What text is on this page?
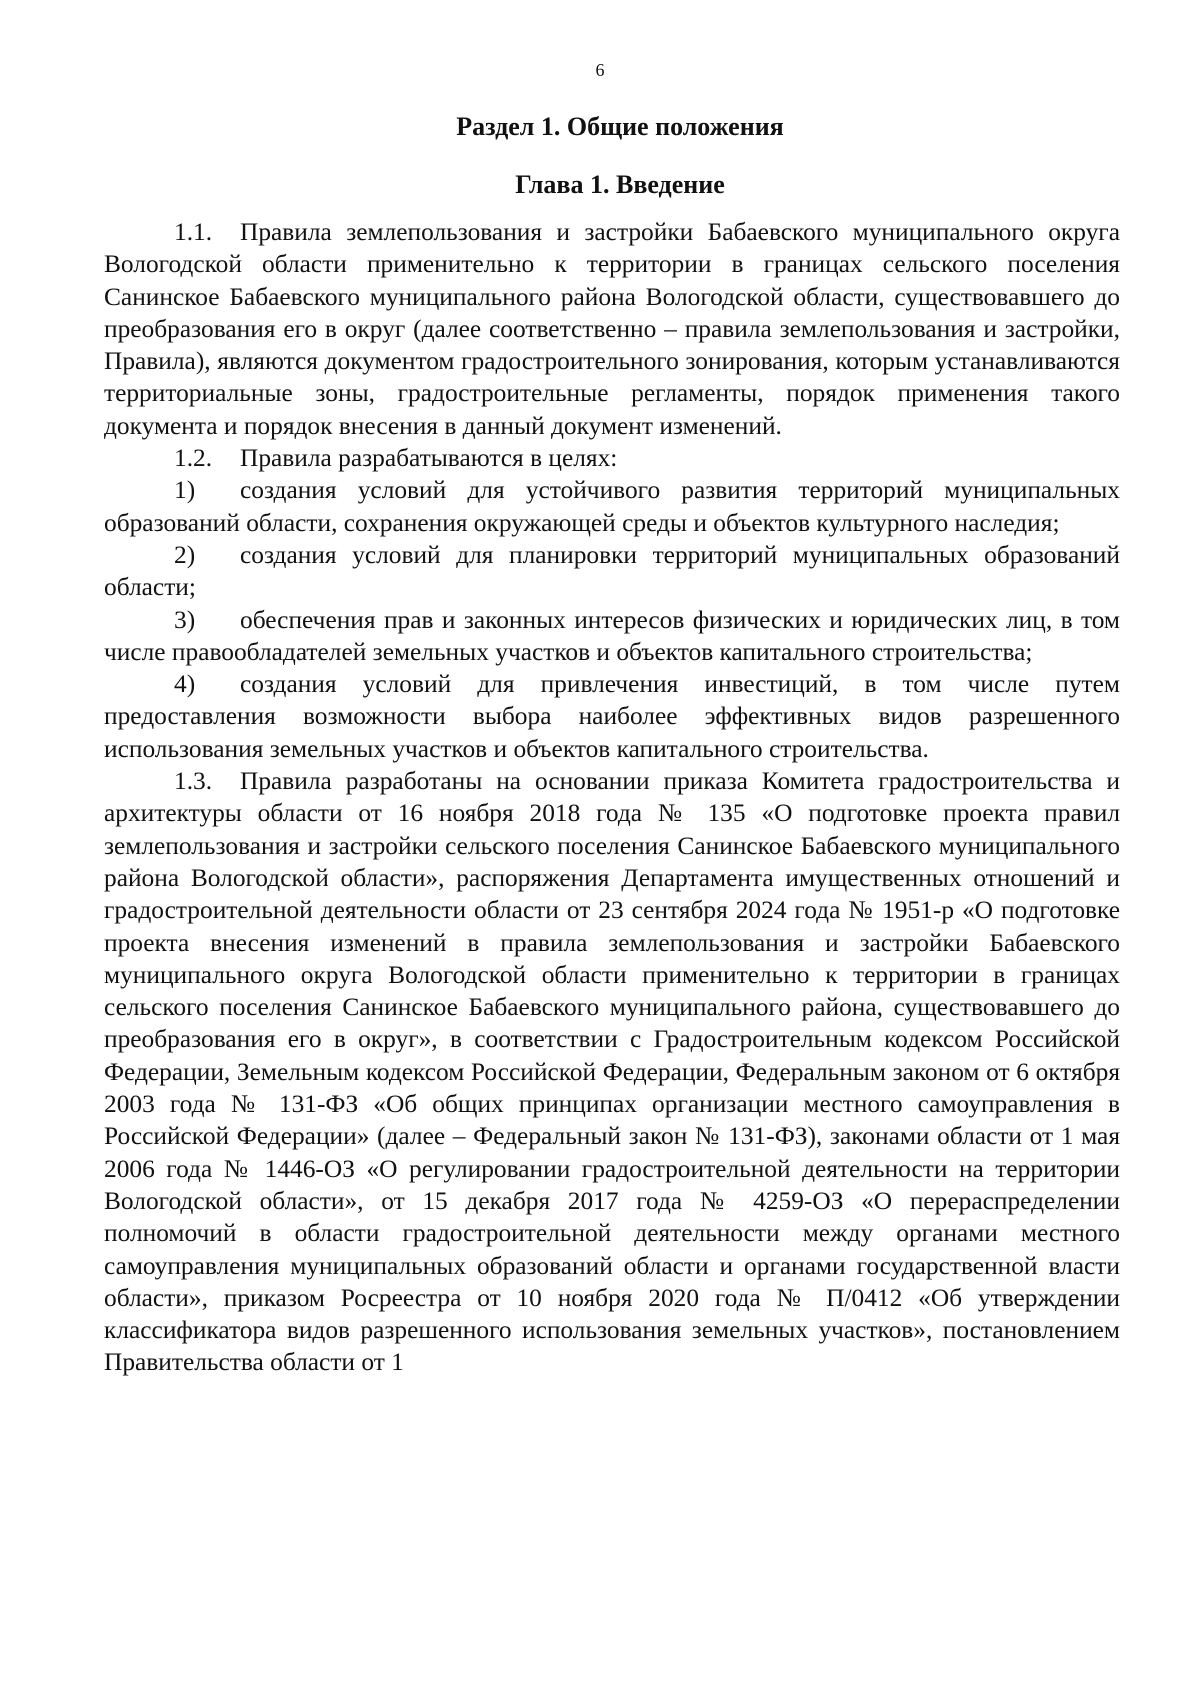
6
Раздел 1. Общие положения
Глава 1. Введение

1.1. Правила землепользования и застройки Бабаевского муниципального округа Вологодской области применительно к территории в границах сельского поселения Санинское Бабаевского муниципального района Вологодской области, существовавшего до преобразования его в округ (далее соответственно – правила землепользования и застройки, Правила), являются документом градостроительного зонирования, которым устанавливаются территориальные зоны, градостроительные регламенты, порядок применения такого документа и порядок внесения в данный документ изменений.

1.2. Правила разрабатываются в целях:

1) создания условий для устойчивого развития территорий муниципальных образований области, сохранения окружающей среды и объектов культурного наследия;

2) создания условий для планировки территорий муниципальных образований области;

3) обеспечения прав и законных интересов физических и юридических лиц, в том числе правообладателей земельных участков и объектов капитального строительства;

4) создания условий для привлечения инвестиций, в том числе путем предоставления возможности выбора наиболее эффективных видов разрешенного использования земельных участков и объектов капитального строительства.

1.3. Правила разработаны на основании приказа Комитета градостроительства и архитектуры области от 16 ноября 2018 года № 135 «О подготовке проекта правил землепользования и застройки сельского поселения Санинское Бабаевского муниципального района Вологодской области», распоряжения Департамента имущественных отношений и градостроительной деятельности области от 23 сентября 2024 года № 1951-р «О подготовке проекта внесения изменений в правила землепользования и застройки Бабаевского муниципального округа Вологодской области применительно к территории в границах сельского поселения Санинское Бабаевского муниципального района, существовавшего до преобразования его в округ», в соответствии с Градостроительным кодексом Российской Федерации, Земельным кодексом Российской Федерации, Федеральным законом от 6 октября 2003 года № 131-ФЗ «Об общих принципах организации местного самоуправления в Российской Федерации» (далее – Федеральный закон № 131-ФЗ), законами области от 1 мая 2006 года № 1446-ОЗ «О регулировании градостроительной деятельности на территории Вологодской области», от 15 декабря 2017 года № 4259-ОЗ «О перераспределении полномочий в области градостроительной деятельности между органами местного самоуправления муниципальных образований области и органами государственной власти области», приказом Росреестра от 10 ноября 2020 года № П/0412 «Об утверждении классификатора видов разрешенного использования земельных участков», постановлением Правительства области от 1
